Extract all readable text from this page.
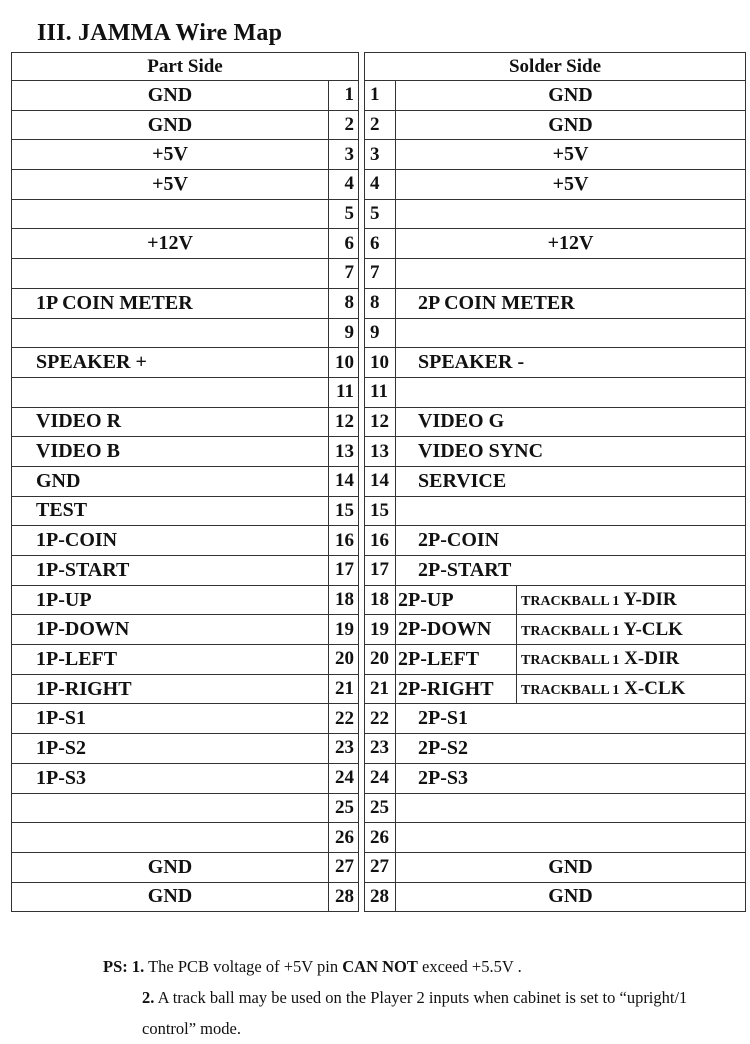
III. JAMMA Wire Map
Part Side			Solder Side		
GND	1		1	GND	
GND	2		2	GND	
+5V	3		3	+5V	
+5V	4		4	+5V	
	5		5		
+12V	6		6	+12V	
	7		7		
1P COIN METER	8		8	2P COIN METER	
	9		9		
SPEAKER +	10		10	SPEAKER -	
	11		11		
VIDEO R	12		12	VIDEO G	
VIDEO B	13		13	VIDEO SYNC	
GND	14		14	SERVICE	
TEST	15		15		
1P-COIN	16		16	2P-COIN	
1P-START	17		17	2P-START	
1P-UP	18		18	2P-UP	TRACKBALL 1 Y-DIR
1P-DOWN	19		19	2P-DOWN	TRACKBALL 1 Y-CLK
1P-LEFT	20		20	2P-LEFT	TRACKBALL 1 X-DIR
1P-RIGHT	21		21	2P-RIGHT	TRACKBALL 1 X-CLK
1P-S1	22		22	2P-S1	
1P-S2	23		23	2P-S2	
1P-S3	24		24	2P-S3	
	25		25		
	26		26		
GND	27		27	GND	
GND	28		28	GND	
PS: 1. The PCB voltage of +5V pin CAN NOT exceed +5.5V .
2. A track ball may be used on the Player 2 inputs when cabinet is set to “upright/1 control” mode.
